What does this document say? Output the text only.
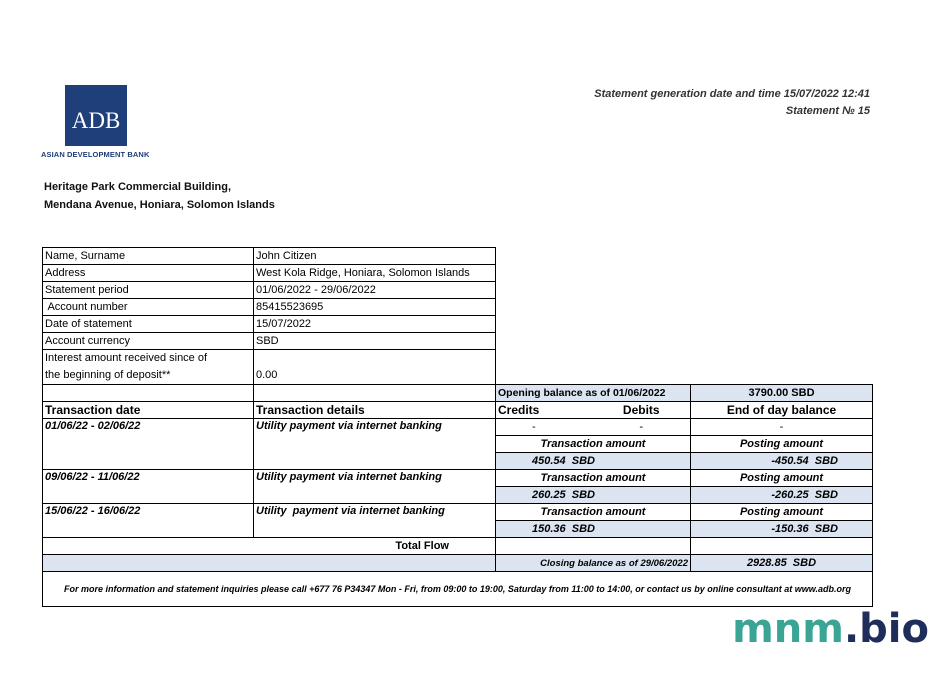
ADB
ASIAN DEVELOPMENT BANK
Statement generation date and time 15/07/2022 12:41
Statement № 15
Heritage Park Commercial Building,
Mendana Avenue, Honiara, Solomon Islands
Name, Surname	John Citizen			
Address	West Kola Ridge, Honiara, Solomon Islands			
Statement period	01/06/2022 - 29/06/2022			
Account number	85415523695			
Date of statement	15/07/2022			
Account currency	SBD			

Interest amount received since of
the beginning of deposit**	0.00			
		Opening balance as of 01/06/2022		3790.00 SBD
Transaction date	Transaction details	Credits	Debits	End of day balance
01/06/22 - 02/06/22	Utility payment via internet banking	-	-	-
		Transaction amount		Posting amount
		450.54  SBD		-450.54  SBD
09/06/22 - 11/06/22	Utility payment via internet banking	Transaction amount		Posting amount
		260.25  SBD		-260.25  SBD
15/06/22 - 16/06/22	Utility  payment via internet banking	Transaction amount		Posting amount
		150.36  SBD		-150.36  SBD
	Total Flow			
		Closing balance as of 29/06/2022		2928.85  SBD
For more information and statement inquiries please call +677 76 P34347 Mon - Fri, from 09:00 to 19:00, Saturday from 11:00 to 14:00, or contact us by online consultant at www.adb.org				
mnm.bio
